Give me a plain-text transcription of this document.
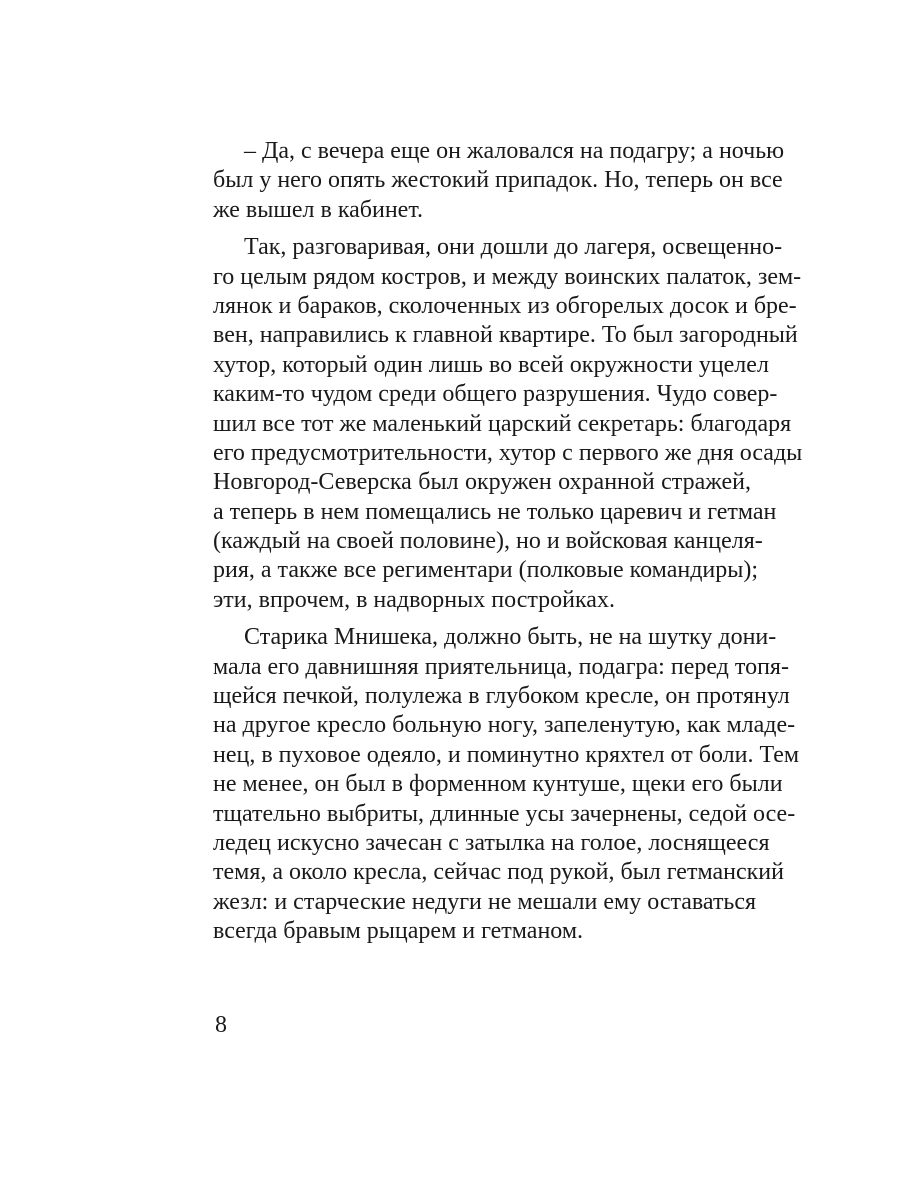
– Да, с вечера еще он жаловался на подагру; а ночью
был у него опять жестокий припадок. Но, теперь он все
же вышел в кабинет.
Так, разговаривая, они дошли до лагеря, освещенно-
го целым рядом костров, и между воинских палаток, зем-
лянок и бараков, сколоченных из обгорелых досок и бре-
вен, направились к главной квартире. То был загородный
хутор, который один лишь во всей окружности уцелел
каким-то чудом среди общего разрушения. Чудо совер-
шил все тот же маленький царский секретарь: благодаря
его предусмотрительности, хутор с первого же дня осады
Новгород-Северска был окружен охранной стражей,
а теперь в нем помещались не только царевич и гетман
(каждый на своей половине), но и войсковая канцеля-
рия, а также все региментари (полковые командиры);
эти, впрочем, в надворных постройках.
Старика Мнишека, должно быть, не на шутку дони-
мала его давнишняя приятельница, подагра: перед топя-
щейся печкой, полулежа в глубоком кресле, он протянул
на другое кресло больную ногу, запеленутую, как младе-
нец, в пуховое одеяло, и поминутно кряхтел от боли. Тем
не менее, он был в форменном кунтуше, щеки его были
тщательно выбриты, длинные усы зачернены, седой осе-
ледец искусно зачесан с затылка на голое, лоснящееся
темя, а около кресла, сейчас под рукой, был гетманский
жезл: и старческие недуги не мешали ему оставаться
всегда бравым рыцарем и гетманом.
8
